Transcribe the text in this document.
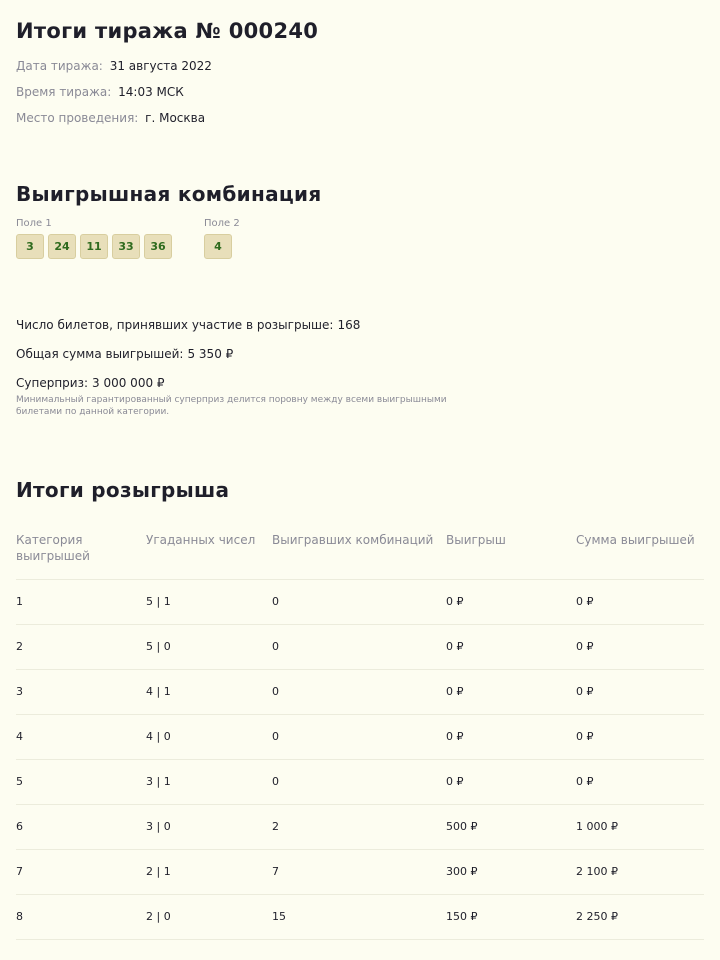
Итоги тиража № 000240
Дата тиража: 31 августа 2022
Время тиража: 14:03 МСК
Место проведения: г. Москва
Выигрышная комбинация
Поле 1
3	24	11	33	36
Поле 2
4
Число билетов, принявших участие в розыгрыше: 168
Общая сумма выигрышей: 5 350 ₽
Суперприз: 3 000 000 ₽
Минимальный гарантированный суперприз делится поровну между всеми выигрышными билетами по данной категории.
Итоги розыгрыша
Категория выигрышей	Угаданных чисел	Выигравших комбинаций	Выигрыш	Сумма выигрышей
1	5 | 1	0	0 ₽	0 ₽
2	5 | 0	0	0 ₽	0 ₽
3	4 | 1	0	0 ₽	0 ₽
4	4 | 0	0	0 ₽	0 ₽
5	3 | 1	0	0 ₽	0 ₽
6	3 | 0	2	500 ₽	1 000 ₽
7	2 | 1	7	300 ₽	2 100 ₽
8	2 | 0	15	150 ₽	2 250 ₽
